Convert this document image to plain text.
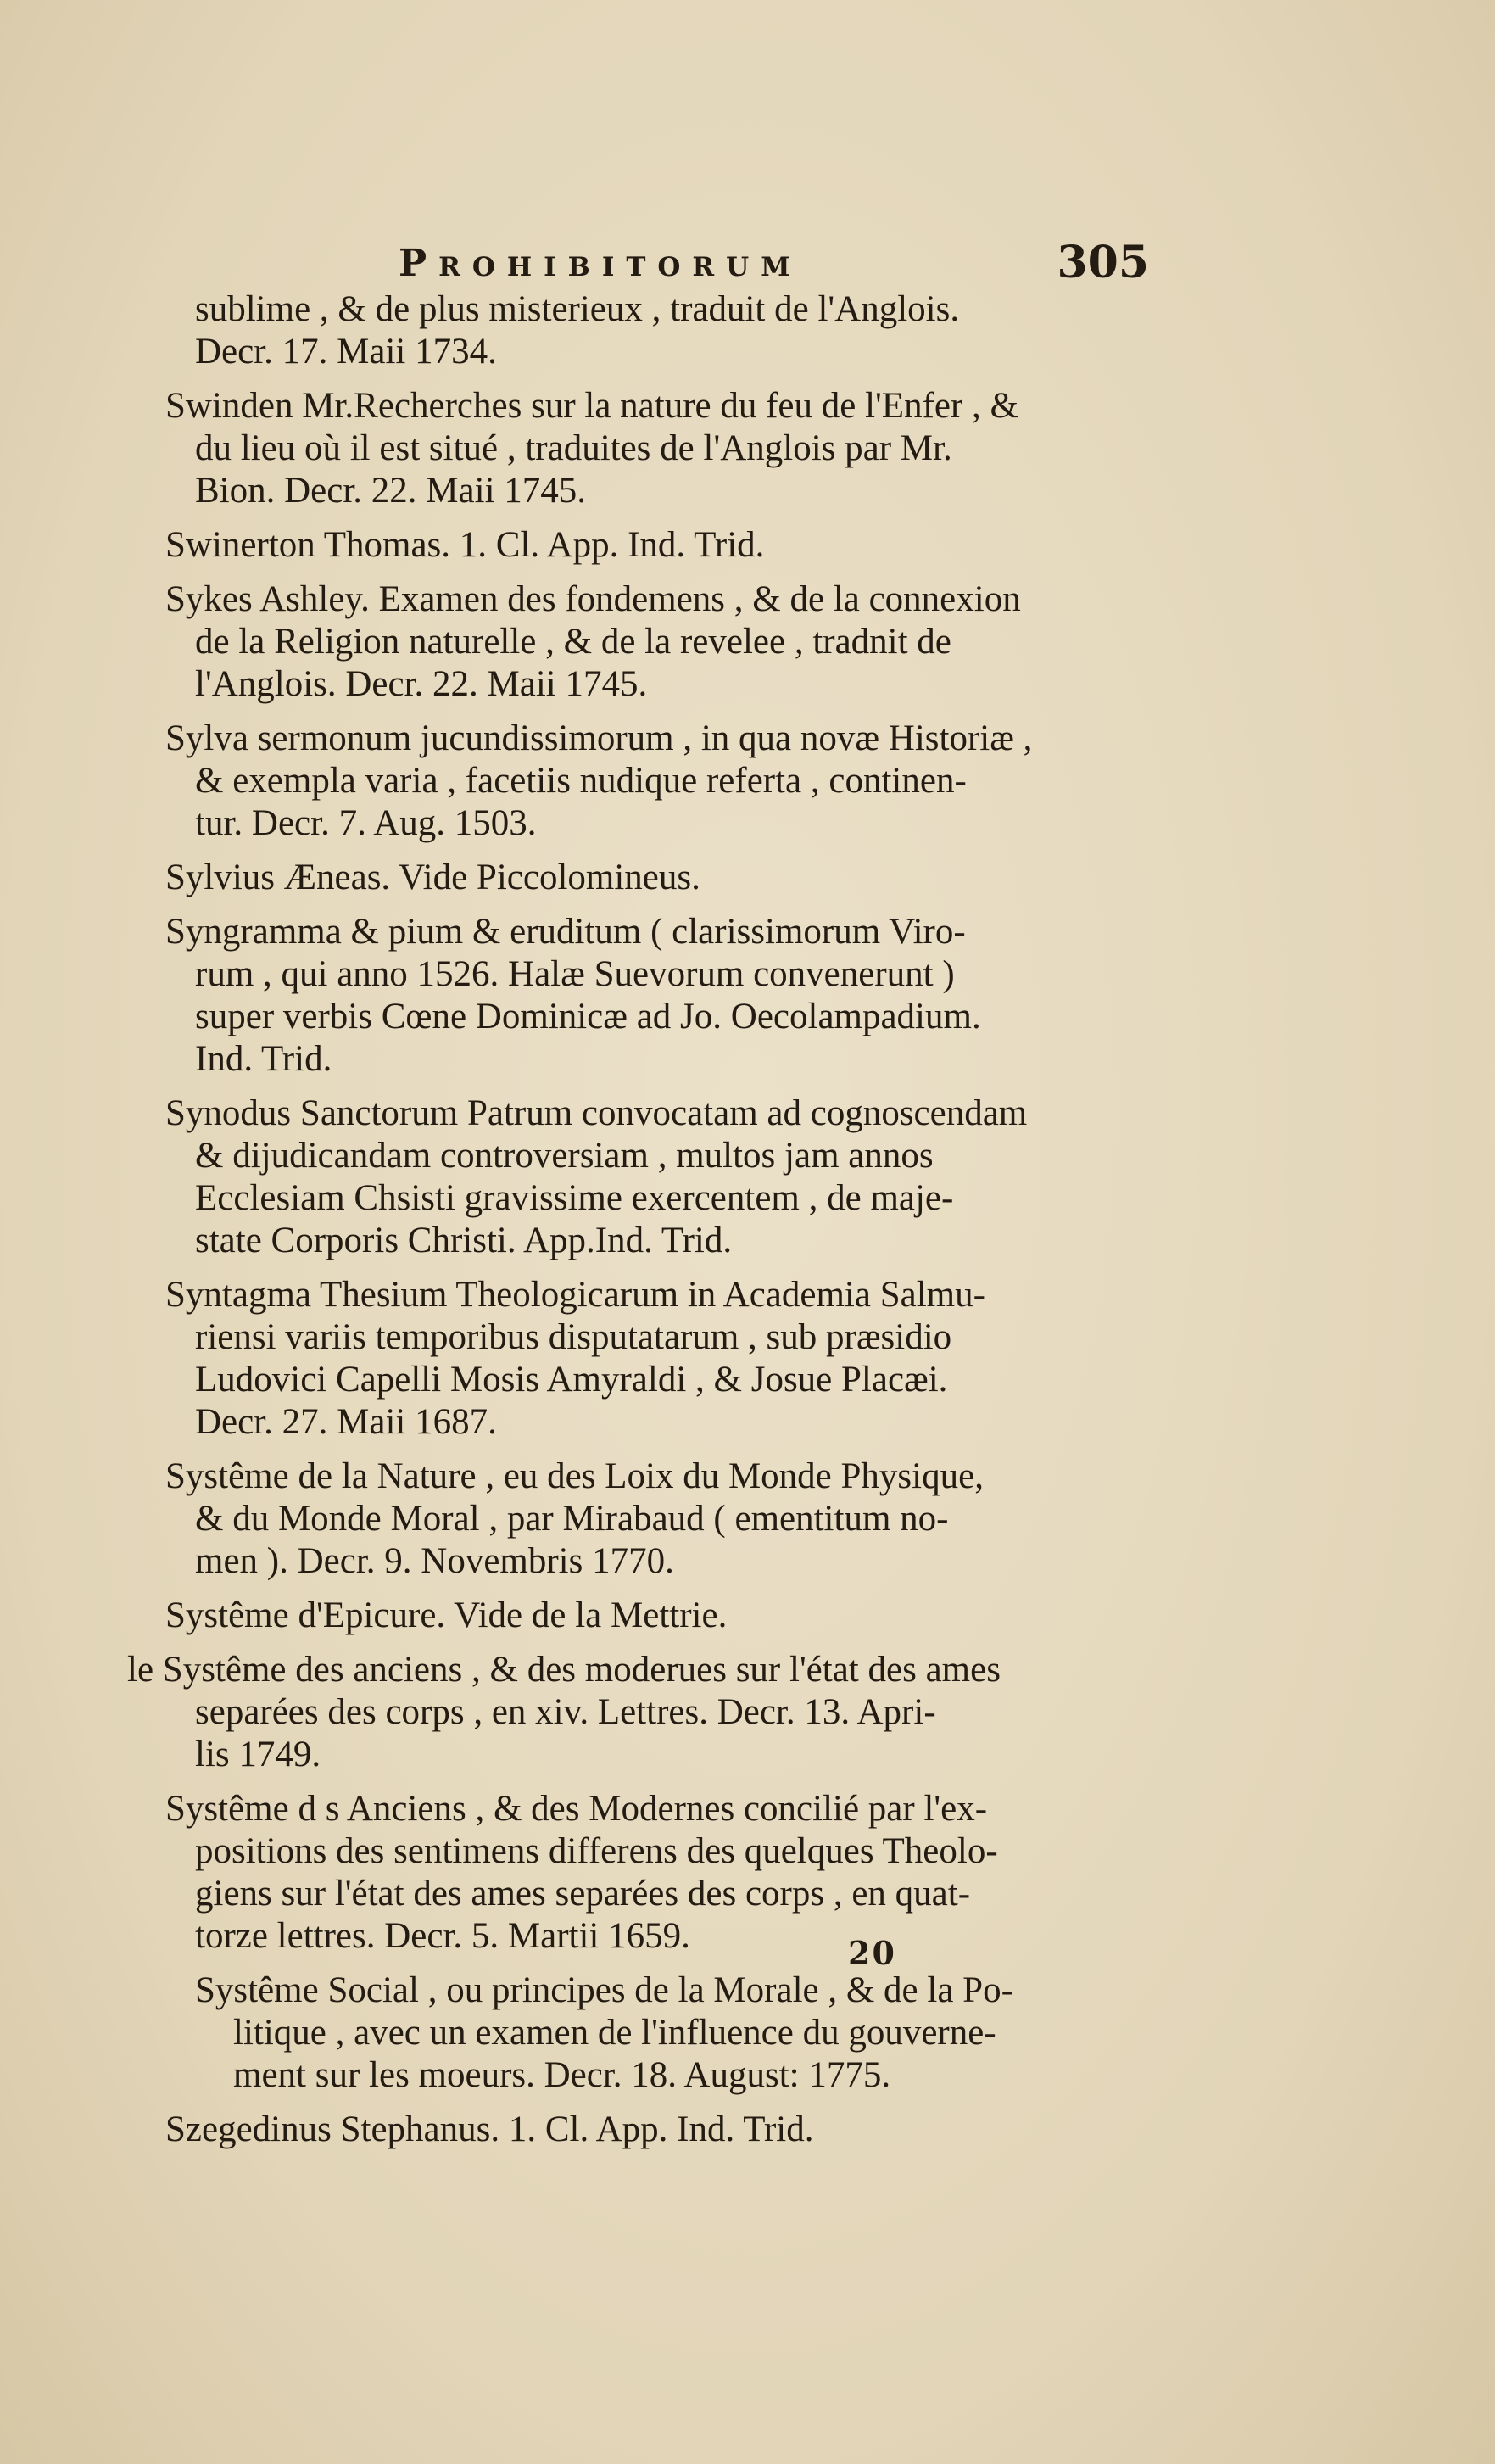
Prohibitorum	305

sublime , & de plus misterieux , traduit de l'Anglois.

Decr. 17. Maii 1734.

Swinden Mr.Recherches sur la nature du feu de l'Enfer , &

du lieu où il est situé , traduites de l'Anglois par Mr.

Bion. Decr. 22. Maii 1745.

Swinerton Thomas. 1. Cl. App. Ind. Trid.

Sykes Ashley. Examen des fondemens , & de la connexion

de la Religion naturelle , & de la revelee , tradnit de

l'Anglois. Decr. 22. Maii 1745.

Sylva sermonum jucundissimorum , in qua novæ Historiæ ,

& exempla varia , facetiis nudique referta , continen-

tur. Decr. 7. Aug. 1503.

Sylvius Æneas. Vide Piccolomineus.

Syngramma & pium & eruditum ( clarissimorum Viro-

rum , qui anno 1526. Halæ Suevorum convenerunt )

super verbis Cœne Dominicæ ad Jo. Oecolampadium.

Ind. Trid.

Synodus Sanctorum Patrum convocatam ad cognoscendam

& dijudicandam controversiam , multos jam annos

Ecclesiam Chsisti gravissime exercentem , de maje-

state Corporis Christi. App.Ind. Trid.

Syntagma Thesium Theologicarum in Academia Salmu-

riensi variis temporibus disputatarum , sub præsidio

Ludovici Capelli Mosis Amyraldi , & Josue Placæi.

Decr. 27. Maii 1687.

Systême de la Nature , eu des Loix du Monde Physique,

& du Monde Moral , par Mirabaud ( ementitum no-

men ). Decr. 9. Novembris 1770.

Systême d'Epicure. Vide de la Mettrie.

le Systême des anciens , & des moderues sur l'état des ames

separées des corps , en xiv. Lettres. Decr. 13. Apri-

lis 1749.

Systême d s Anciens , & des Modernes concilié par l'ex-

positions des sentimens differens des quelques Theolo-

giens sur l'état des ames separées des corps , en quat-

torze lettres. Decr. 5. Martii 1659.

Systême Social , ou principes de la Morale , & de la Po-

litique , avec un examen de l'influence du gouverne-

ment sur les moeurs. Decr. 18. August: 1775.

Szegedinus Stephanus. 1. Cl. App. Ind. Trid.

20
